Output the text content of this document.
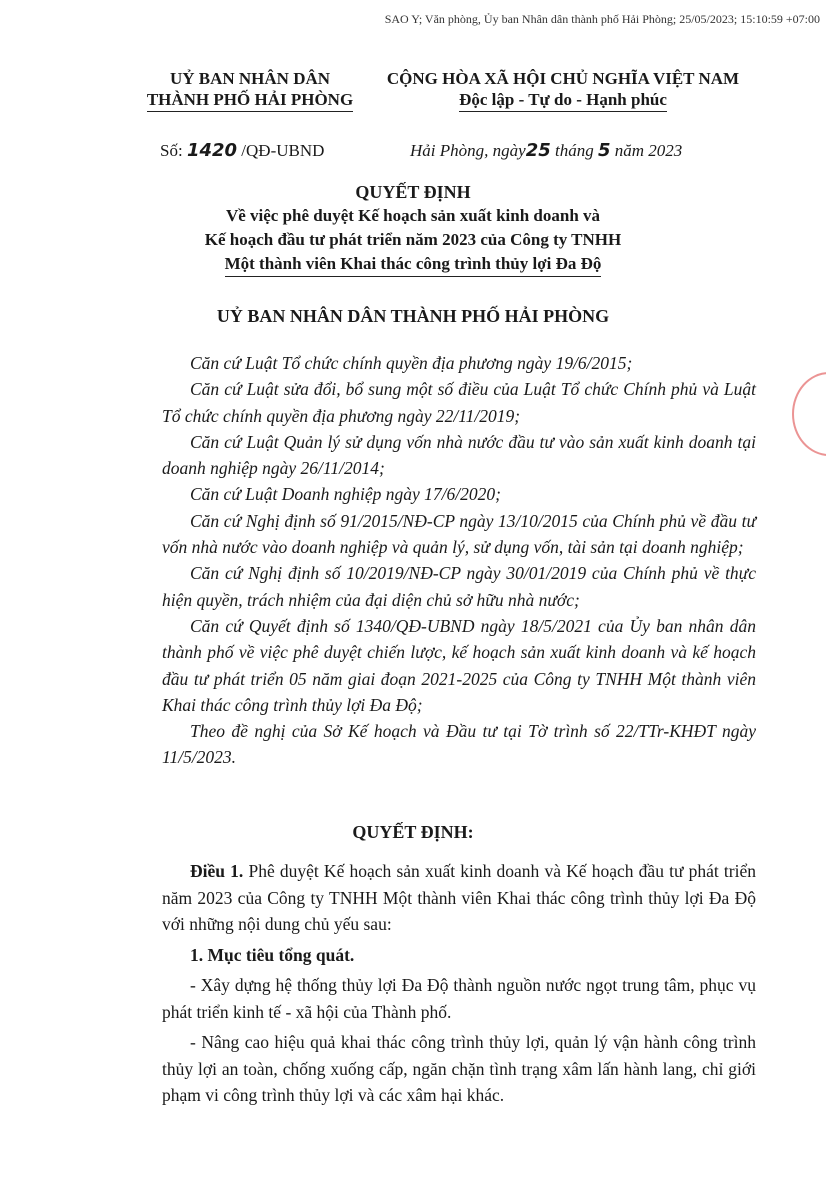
SAO Y; Văn phòng, Ủy ban Nhân dân thành phố Hải Phòng; 25/05/2023; 15:10:59 +07:00
UỶ BAN NHÂN DÂN
THÀNH PHỐ HẢI PHÒNG
CỘNG HÒA XÃ HỘI CHỦ NGHĨA VIỆT NAM
Độc lập - Tự do - Hạnh phúc
Số: 1420 /QĐ-UBND	Hải Phòng, ngày25 tháng 5 năm 2023
QUYẾT ĐỊNH
Về việc phê duyệt Kế hoạch sản xuất kinh doanh và
Kế hoạch đầu tư phát triển năm 2023 của Công ty TNHH
Một thành viên Khai thác công trình thủy lợi Đa Độ
UỶ BAN NHÂN DÂN THÀNH PHỐ HẢI PHÒNG

Căn cứ Luật Tổ chức chính quyền địa phương ngày 19/6/2015;

Căn cứ Luật sửa đổi, bổ sung một số điều của Luật Tổ chức Chính phủ và Luật Tổ chức chính quyền địa phương ngày 22/11/2019;

Căn cứ Luật Quản lý sử dụng vốn nhà nước đầu tư vào sản xuất kinh doanh tại doanh nghiệp ngày 26/11/2014;

Căn cứ Luật Doanh nghiệp ngày 17/6/2020;

Căn cứ Nghị định số 91/2015/NĐ-CP ngày 13/10/2015 của Chính phủ về đầu tư vốn nhà nước vào doanh nghiệp và quản lý, sử dụng vốn, tài sản tại doanh nghiệp;

Căn cứ Nghị định số 10/2019/NĐ-CP ngày 30/01/2019 của Chính phủ về thực hiện quyền, trách nhiệm của đại diện chủ sở hữu nhà nước;

Căn cứ Quyết định số 1340/QĐ-UBND ngày 18/5/2021 của Ủy ban nhân dân thành phố về việc phê duyệt chiến lược, kế hoạch sản xuất kinh doanh và kế hoạch đầu tư phát triển 05 năm giai đoạn 2021-2025 của Công ty TNHH Một thành viên Khai thác công trình thủy lợi Đa Độ;

Theo đề nghị của Sở Kế hoạch và Đầu tư tại Tờ trình số 22/TTr-KHĐT ngày 11/5/2023.

QUYẾT ĐỊNH:

Điều 1. Phê duyệt Kế hoạch sản xuất kinh doanh và Kế hoạch đầu tư phát triển năm 2023 của Công ty TNHH Một thành viên Khai thác công trình thủy lợi Đa Độ với những nội dung chủ yếu sau:

1. Mục tiêu tổng quát.

- Xây dựng hệ thống thủy lợi Đa Độ thành nguồn nước ngọt trung tâm, phục vụ phát triển kinh tế - xã hội của Thành phố.

- Nâng cao hiệu quả khai thác công trình thủy lợi, quản lý vận hành công trình thủy lợi an toàn, chống xuống cấp, ngăn chặn tình trạng xâm lấn hành lang, chỉ giới phạm vi công trình thủy lợi và các xâm hại khác.
